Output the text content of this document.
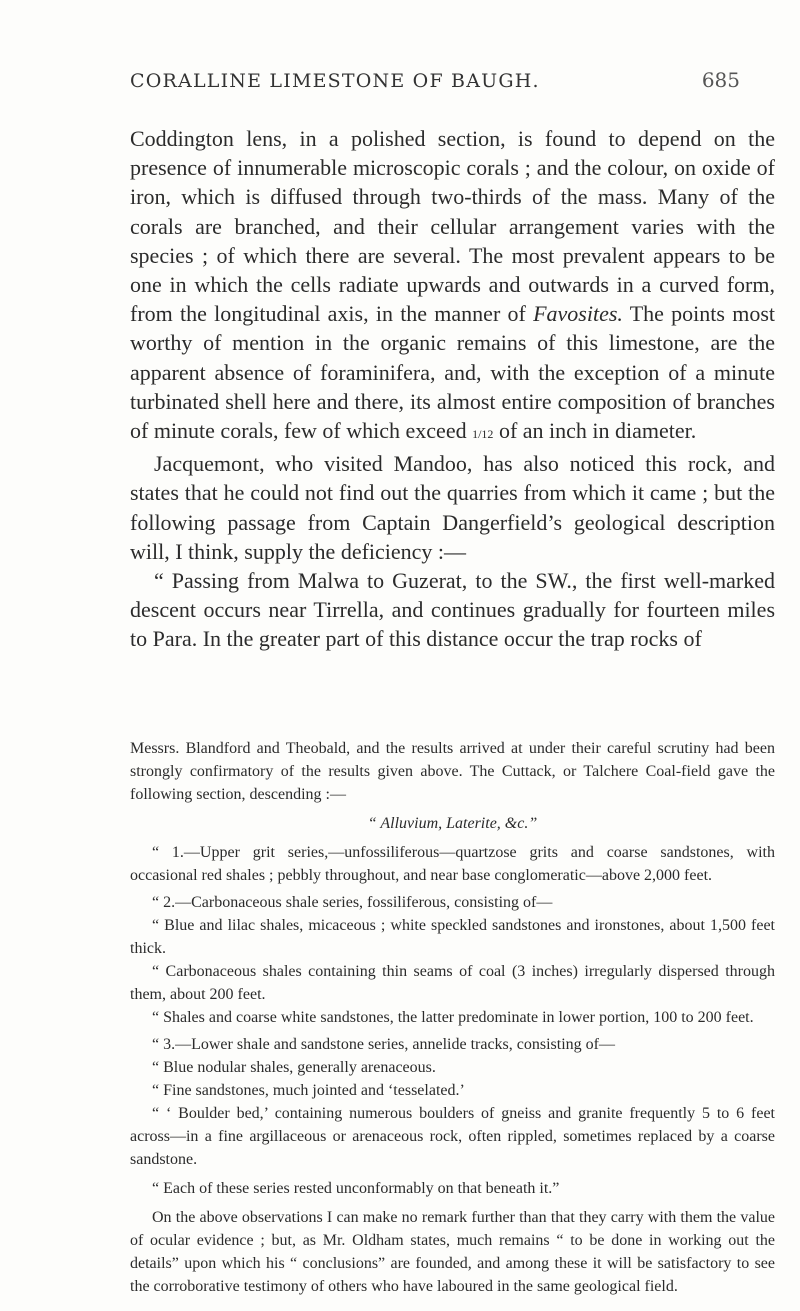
CORALLINE LIMESTONE OF BAUGH.	685

Coddington lens, in a polished section, is found to depend on the presence of innumerable microscopic corals ; and the colour, on oxide of iron, which is diffused through two-thirds of the mass. Many of the corals are branched, and their cellular arrangement varies with the species ; of which there are several. The most prevalent appears to be one in which the cells radiate upwards and outwards in a curved form, from the longitudinal axis, in the manner of Favosites. The points most worthy of mention in the organic remains of this limestone, are the apparent absence of foraminifera, and, with the exception of a minute turbinated shell here and there, its almost entire composition of branches of minute corals, few of which exceed 1/12 of an inch in diameter.

Jacquemont, who visited Mandoo, has also noticed this rock, and states that he could not find out the quarries from which it came ; but the following passage from Captain Dangerfield’s geological description will, I think, supply the deficiency :—

“ Passing from Malwa to Guzerat, to the SW., the first well-marked descent occurs near Tirrella, and continues gradually for fourteen miles to Para. In the greater part of this distance occur the trap rocks of

Messrs. Blandford and Theobald, and the results arrived at under their careful scrutiny had been strongly confirmatory of the results given above. The Cuttack, or Talchere Coal-field gave the following section, descending :—

“ Alluvium, Laterite, &c.”

“ 1.—Upper grit series,—unfossiliferous—quartzose grits and coarse sandstones, with occasional red shales ; pebbly throughout, and near base conglomeratic—above 2,000 feet.

“ 2.—Carbonaceous shale series, fossiliferous, consisting of—

“ Blue and lilac shales, micaceous ; white speckled sandstones and ironstones, about 1,500 feet thick.

“ Carbonaceous shales containing thin seams of coal (3 inches) irregularly dispersed through them, about 200 feet.

“ Shales and coarse white sandstones, the latter predominate in lower portion, 100 to 200 feet.

“ 3.—Lower shale and sandstone series, annelide tracks, consisting of—

“ Blue nodular shales, generally arenaceous.

“ Fine sandstones, much jointed and ‘tesselated.’

“ ‘ Boulder bed,’ containing numerous boulders of gneiss and granite frequently 5 to 6 feet across—in a fine argillaceous or arenaceous rock, often rippled, sometimes replaced by a coarse sandstone.

“ Each of these series rested unconformably on that beneath it.”

On the above observations I can make no remark further than that they carry with them the value of ocular evidence ; but, as Mr. Oldham states, much remains “ to be done in working out the details” upon which his “ conclusions” are founded, and among these it will be satisfactory to see the corroborative testimony of others who have laboured in the same geological field.
